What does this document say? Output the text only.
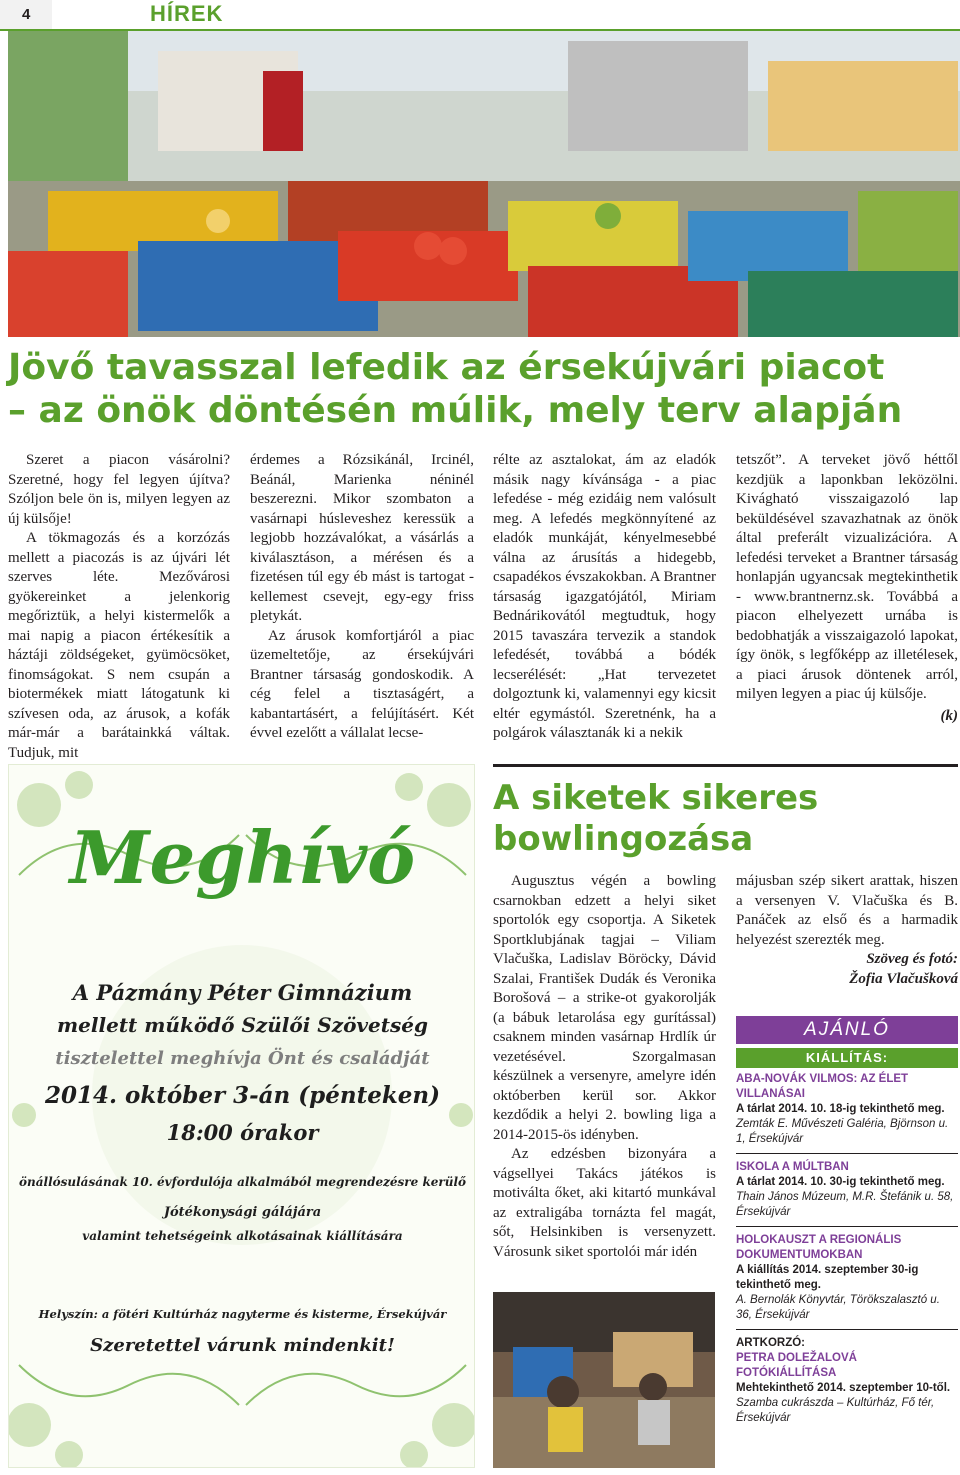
4	HÍREK
Jövő tavasszal lefedik az érsekújvári piacot
– az önök döntésén múlik, mely terv alapján

Szeret a piacon vásárolni? Szeretné, hogy fel legyen újítva? Szóljon bele ön is, milyen legyen az új külsője!

A tökmagozás és a korzózás mellett a piacozás is az újvári lét szerves léte. Mezővárosi gyökereinket a jelenkorig megőriztük, a helyi kistermelők a mai napig a piacon értékesítik a háztáji zöldségeket, gyümöcsöket, finomságokat. S nem csupán a biotermékek miatt látogatunk ki szívesen oda, az árusok, a kofák már-már a barátainkká váltak. Tudjuk, mit

érdemes a Rózsikánál, Ircinél, Beánál, Marienka néninél beszerezni. Mikor szombaton a vasárnapi húsleveshez keressük a legjobb hozzávalókat, a vásárlás a kiválasztáson, a mérésen és a fizetésen túl egy éb mást is tartogat - kellemest csevejt, egy-egy friss pletykát.

Az árusok komfortjáról a piac üzemeltetője, az érsekújvári Brantner társaság gondoskodik. A cég felel a tisztaságért, a kabantartásért, a felújításért. Két évvel ezelőtt a vállalat lecse-

rélte az asztalokat, ám az eladók másik nagy kívánsága - a piac lefedése - még ezidáig nem valósult meg. A lefedés megkönnyítené az eladók munkáját, kényelmesebbé válna az árusítás a hidegebb, csapadékos évszakokban. A Brantner társaság igazgatójától, Miriam Bednárikovától megtudtuk, hogy 2015 tavaszára tervezik a standok lefedését, továbbá a bódék lecserélését: „Hat tervezetet dolgoztunk ki, valamennyi egy kicsit eltér egymástól. Szeretnénk, ha a polgárok választanák ki a nekik

tetszőt”. A terveket jövő héttől kezdjük a laponkban leközölni. Kivágható visszaigazoló lap beküldésével szavazhatnak az önök által preferált vizualizációra. A lefedési terveket a Brantner társaság honlapján ugyancsak megtekinthetik - www.brantnernz.sk. Továbbá a piacon elhelyezett urnába is bedobhatják a visszaigazoló lapokat, így önök, s legfőképp az illetélesek, a piaci árusok döntenek arról, milyen legyen a piac új külsője.

(k)

Meghívó
A Pázmány Péter Gimnázium
mellett működő Szülői Szövetség
tisztelettel meghívja Önt és családját
2014. október 3-án (pénteken)
18:00 órakor
önállósulásának 10. évfordulója alkalmából megrendezésre kerülő
Jótékonysági gálájára
valamint tehetségeink alkotásainak kiállítására
Helyszín: a fötéri Kultúrház nagyterme és kisterme, Érsekújvár
Szeretettel várunk mindenkit!
A siketek sikeres
bowlingozása

Augusztus végén a bowling csarnokban edzett a helyi siket sportolók egy csoportja. A Siketek Sportklubjának tagjai – Viliam Vlačuška, Ladislav Böröcky, Dávid Szalai, František Dudák és Veronika Borošová – a strike-ot gyakorolják (a bábuk letarolása egy gurítással) csaknem minden vasárnap Hrdlík úr vezetésével. Szorgalmasan készülnek a versenyre, amelyre idén októberben kerül sor. Akkor kezdődik a helyi 2. bowling liga a 2014-2015-ös idényben.

Az edzésben bizonyára a vágsellyei Takács játékos is motiválta őket, aki kitartó munkával az extraligába tornázta fel magát, sőt, Helsinkiben is versenyzett. Városunk siket sportolói már idén

májusban szép sikert arattak, hiszen a versenyen V. Vlačuška és B. Panáček az első és a harmadik helyezést szerezték meg.

Szöveg és fotó:

Žofia Vlačušková

AJÁNLÓ
KIÁLLÍTÁS:
ABA-NOVÁK VILMOS: AZ ÉLET VILLANÁSAI
A tárlat 2014. 10. 18-ig tekinthető meg.
Zemták E. Művészeti Galéria, Björnson u. 1, Érsekújvár
ISKOLA A MÚLTBAN
A tárlat 2014. 10. 30-ig tekinthető meg.
Thain János Múzeum, M.R. Štefánik u. 58, Érsekújvár
HOLOKAUSZT A REGIONÁLIS DOKUMENTUMOKBAN
A kiállítás 2014. szeptember 30-ig tekinthető meg.
A. Bernolák Könyvtár, Törökszalasztó u. 36, Érsekújvár
ARTKORZÓ:
PETRA DOLEŽALOVÁ FOTÓKIÁLLÍTÁSA
Mehtekinthető 2014. szeptember 10-től.
Szamba cukrászda – Kultúrház, Fő tér, Érsekújvár
